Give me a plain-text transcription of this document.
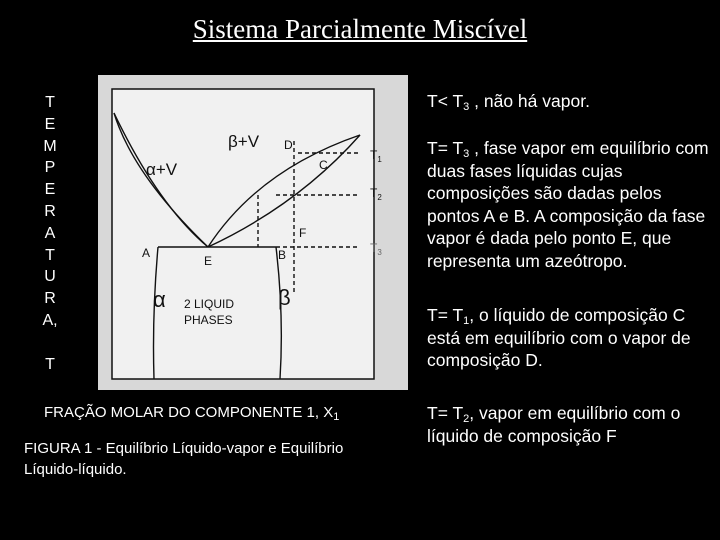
Sistema Parcialmente Miscível
T
E
M
P
E
R
A
T
U
R
A,
T
β+V
α+V
α	β
2 LIQUID
PHASES
A	B
C
D
E
F
$T_1$
$T_2$
$T_3$
FRAÇÃO MOLAR DO COMPONENTE 1, $X_1$
FIGURA 1 - Equilíbrio Líquido-vapor e Equilíbrio Líquido-líquido.
$T< T_3$ , não há vapor.
$T= T_3$ , fase vapor em equilíbrio com duas fases líquidas cujas composições são dadas pelos pontos A e B. A composição da fase vapor é dada pelo ponto E, que representa um azeótropo.
$T= T_1$, o líquido de composição C está em equilíbrio com o vapor de composição D.
$T= T_2$, vapor em equilíbrio com o líquido de composição F
